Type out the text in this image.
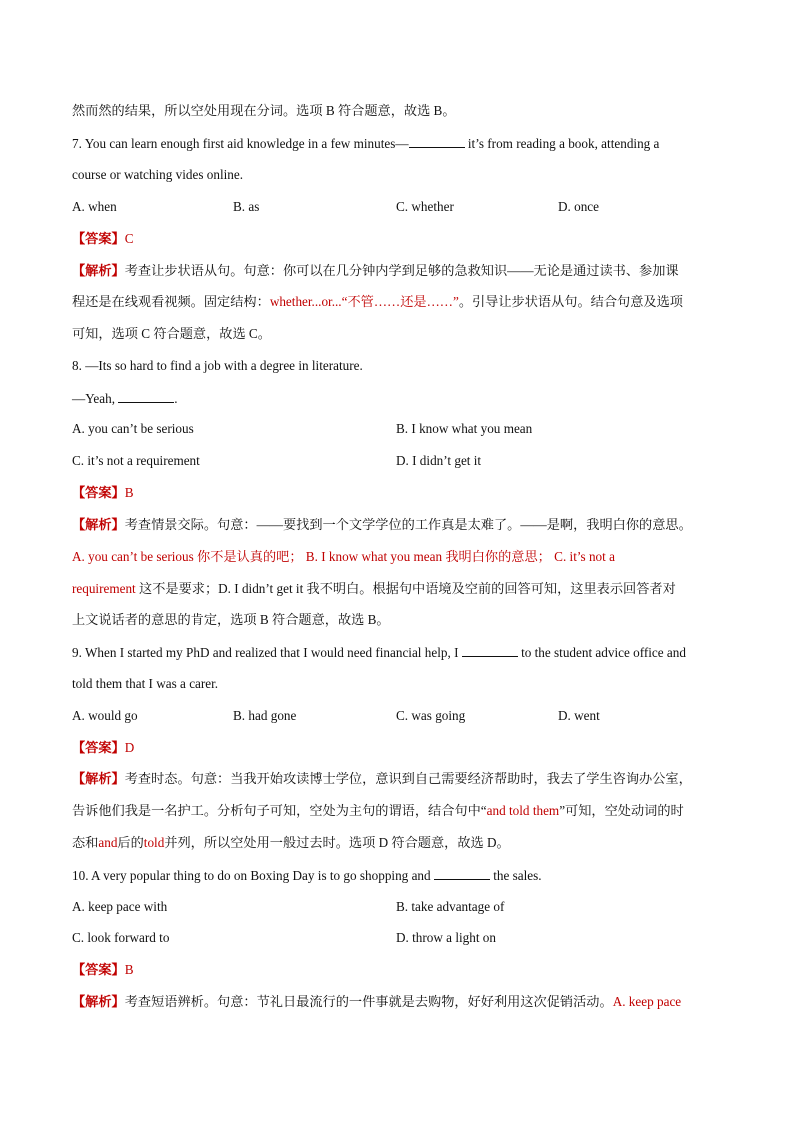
然而然的结果，所以空处用现在分词。选项 B 符合题意，故选 B。
7. You can learn enough first aid knowledge in a few minutes—	it’s from reading a book, attending a
course or watching vides online.
A. when	B. as	C. whether	D. once
【答案】C
【解析】考查让步状语从句。句意：你可以在几分钟内学到足够的急救知识——无论是通过读书、参加课
程还是在线观看视频。固定结构：whether...or...“不管……还是……”。引导让步状语从句。结合句意及选项
可知，选项 C 符合题意，故选 C。
8. —Its so hard to find a job with a degree in literature.
—Yeah,	.
A. you can’t be serious	B. I know what you mean
C. it’s not a requirement	D. I didn’t get it
【答案】B
【解析】考查情景交际。句意：——要找到一个文学学位的工作真是太难了。——是啊，我明白你的意思。
A. you can’t be serious 你不是认真的吧； B. I know what you mean 我明白你的意思； C. it’s not a
requirement 这不是要求；D. I didn’t get it 我不明白。根据句中语境及空前的回答可知，这里表示回答者对
上文说话者的意思的肯定，选项 B 符合题意，故选 B。
9. When I started my PhD and realized that I would need financial help, I	to the student advice office and
told them that I was a carer.
A. would go	B. had gone	C. was going	D. went
【答案】D
【解析】考查时态。句意：当我开始攻读博士学位，意识到自己需要经济帮助时，我去了学生咨询办公室，
告诉他们我是一名护工。分析句子可知，空处为主句的谓语，结合句中“and told them”可知，空处动词的时
态和and后的told并列，所以空处用一般过去时。选项 D 符合题意，故选 D。
10. A very popular thing to do on Boxing Day is to go shopping and	the sales.
A. keep pace with	B. take advantage of
C. look forward to	D. throw a light on
【答案】B
【解析】考查短语辨析。句意：节礼日最流行的一件事就是去购物，好好利用这次促销活动。A. keep pace
